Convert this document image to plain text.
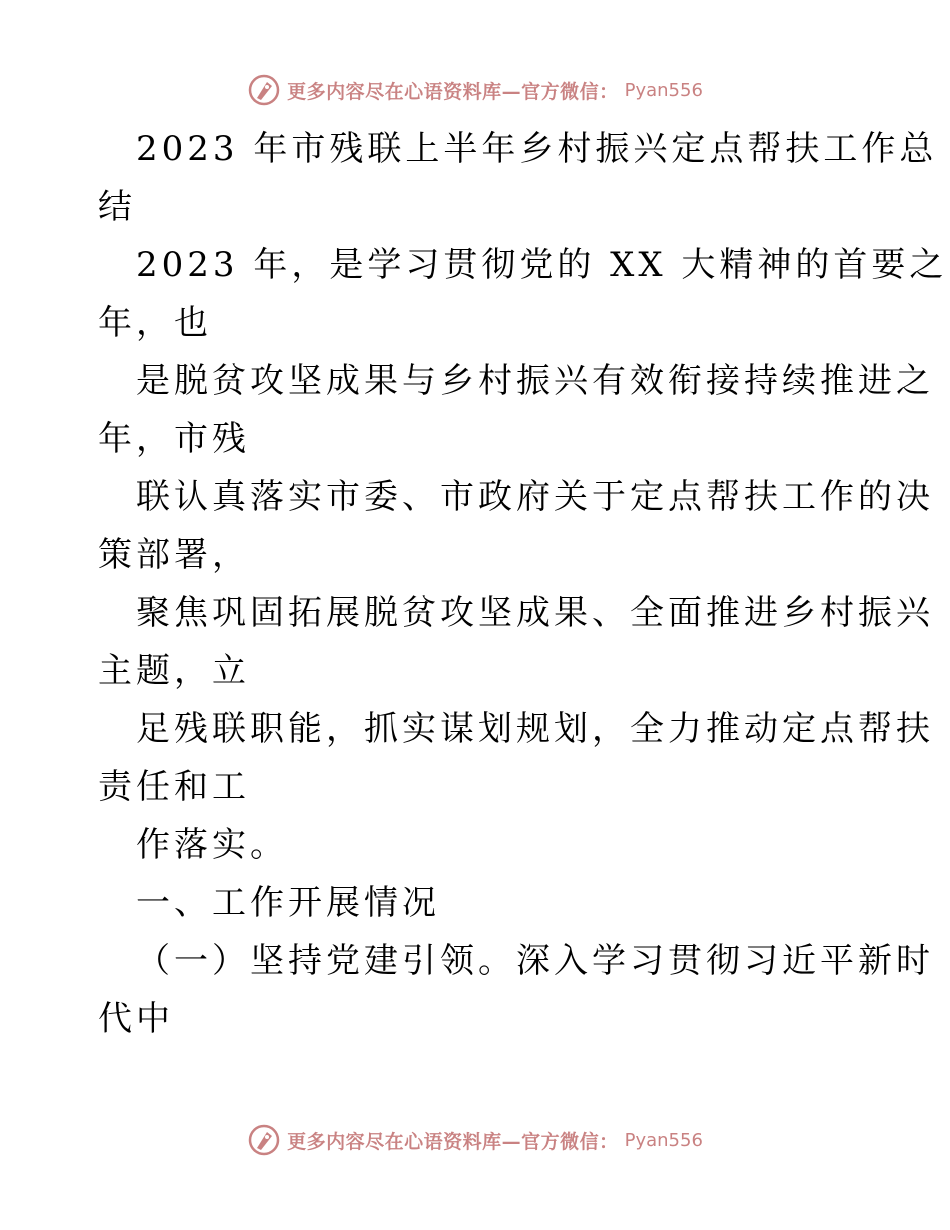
更多内容尽在心语资料库—官方微信： Pyan556
2023 年市残联上半年乡村振兴定点帮扶工作总
结
2023 年，是学习贯彻党的 XX 大精神的首要之
年，也
是脱贫攻坚成果与乡村振兴有效衔接持续推进之
年，市残
联认真落实市委、市政府关于定点帮扶工作的决
策部署，
聚焦巩固拓展脱贫攻坚成果、全面推进乡村振兴
主题，立
足残联职能，抓实谋划规划，全力推动定点帮扶
责任和工
作落实。
一、工作开展情况
（一）坚持党建引领。深入学习贯彻习近平新时
代中
更多内容尽在心语资料库—官方微信： Pyan556
